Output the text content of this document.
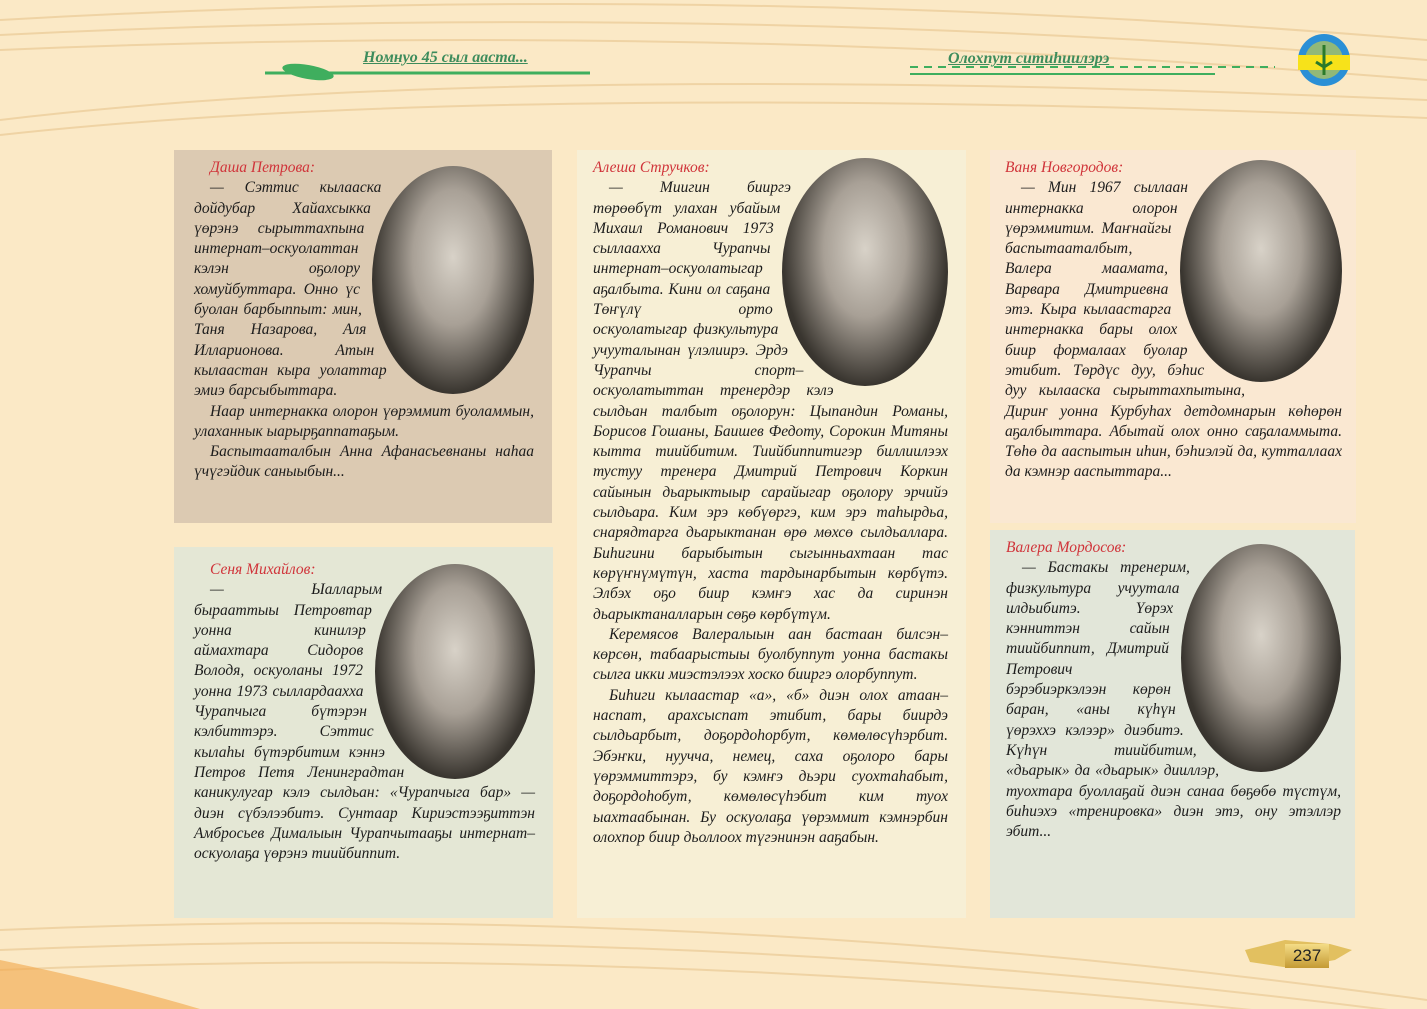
Номнуо 45 сыл ааста...	Олохпут ситиһиилэрэ
Даша Петрова:

— Сэттис кылааска дойдубар Хайахсыкка үөрэнэ сырыттахпына интернат–оскуолаттан кэлэн оҕолору хомуйбуттара. Онно үс буолан барбыппыт: мин, Таня Назарова, Аля Илларионова. Атын кылаастан кыра уолаттар эмиэ барсыбыттара.

Наар интернакка олорон үөрэммит буоламмын, улаханнык ыарырҕаппатаҕым.

Баспытааталбын Анна Афанасьевнаны наһаа үчүгэйдик саныыбын...

Сеня Михайлов:

— Ыалларым бырааттыы Петровтар уонна кинилэр аймахтара Сидоров Володя, оскуоланы 1972 уонна 1973 сыллардаахха Чурапчыга бүтэрэн кэлбиттэрэ. Сэттис кылаһы бүтэрбитим кэннэ Петров Петя Ленинградтан каникулугар кэлэ сылдьан: «Чурапчыга бар» — диэн сүбэлээбитэ. Сунтаар Кириэстээҕиттэн Амбросьев Дималыын Чурапчытааҕы интернат–оскуолаҕа үөрэнэ тиийбиппит.

Алеша Стручков:

— Миигин бииргэ төрөөбүт улахан убайым Михаил Романович 1973 сыллаахха Чурапчы интернат–оскуолатыгар аҕалбыта. Кини ол саҕана Төҥүлү орто оскуолатыгар физкультура учууталынан үлэлиирэ. Эрдэ Чурапчы спорт–оскуолатыттан тренердэр кэлэ сылдьан талбыт оҕолорун: Цыпандин Романы, Борисов Гошаны, Баишев Федоту, Сорокин Митяны кытта тиийбитим. Тиийбиппитигэр биллиилээх тустуу тренера Дмитрий Петрович Коркин сайынын дьарыктыыр сарайыгар оҕолору эрчийэ сылдьара. Ким эрэ көбүөргэ, ким эрэ таһырдьа, снарядтарга дьарыктанан өрө мөхсө сылдьаллара. Биһигини барыбытын сыгынньахтаан тас көрүҥнүмүтүн, хаста тардынарбытын көрбүтэ. Элбэх оҕо биир кэмҥэ хас да сиринэн дьарыктаналларын сөҕө көрбүтүм.

Керемясов Валералыын аан бастаан билсэн–көрсөн, табаарыстыы буолбуппут уонна бастакы сылга икки миэстэлээх хоско бииргэ олорбуппут.

Биһиги кылаастар «а», «б» диэн олох атаан–наспат, арахсыспат этибит, бары биирдэ сылдьарбыт, доҕордоһорбут, көмөлөсүһэрбит. Эбэҥки, нуучча, немец, саха оҕолоро бары үөрэммиттэрэ, бу кэмҥэ дьэри суохтаһабыт, доҕордоһобут, көмөлөсүһэбит ким туох ыахтаабынан. Бу оскуолаҕа үөрэммит кэмнэрбин олохпор биир дьоллоох түгэнинэн ааҕабын.

Ваня Новгородов:

— Мин 1967 сыллаан интернакка олорон үөрэммитим. Маҥнайгы баспытааталбыт, Валера маамата, Варвара Дмитриевна этэ. Кыра кылаастарга интернакка бары олох биир формалаах буолар этибит. Төрдүс дуу, бэһис дуу кылааска сырыттахпытына, Дириҥ уонна Курбуһах детдомнарын көһөрөн аҕалбыттара. Абытай олох онно саҕаламмыта. Төһө да ааспытын иһин, бэһиэлэй да, кутталлаах да кэмнэр ааспыттара...

Валера Мордосов:

— Бастакы тренерим, физкультура учуутала илдьибитэ. Үөрэх кэнниттэн сайын тиийбиппит, Дмитрий Петрович бэрэбиэркэлээн көрөн баран, «аны күһүн үөрэххэ кэлээр» диэбитэ. Күһүн тиийбитим, «дьарык» да «дьарык» дииллэр, туохтара буоллаҕай диэн санаа бөҕөбө түстүм, биһиэхэ «тренировка» диэн этэ, ону этэллэр эбит...

237
